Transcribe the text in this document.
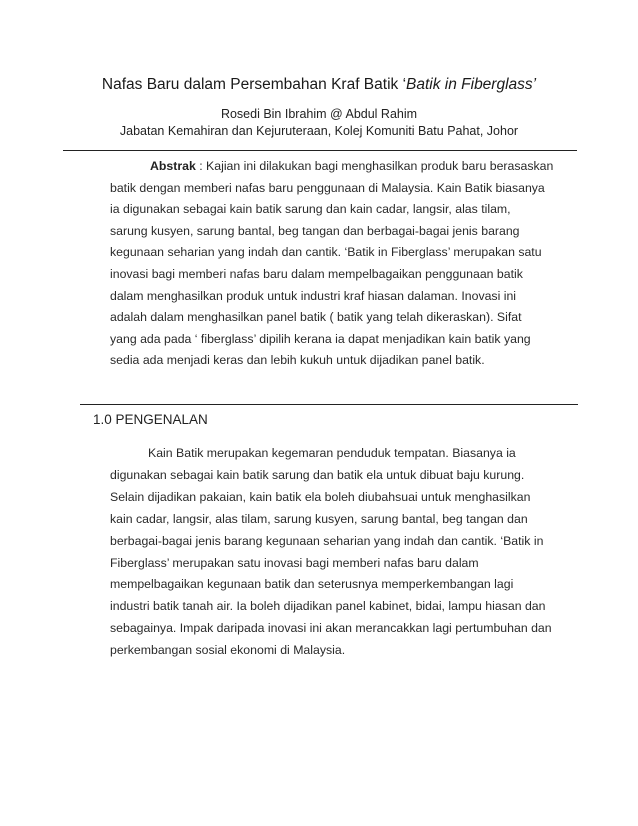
Nafas Baru dalam Persembahan Kraf Batik ‘Batik in Fiberglass’
Rosedi Bin Ibrahim @ Abdul Rahim
Jabatan Kemahiran dan Kejuruteraan, Kolej Komuniti Batu Pahat, Johor
Abstrak : Kajian ini dilakukan bagi menghasilkan produk baru berasaskan
batik dengan memberi nafas baru penggunaan di Malaysia. Kain Batik biasanya
ia digunakan sebagai kain batik sarung dan kain cadar, langsir, alas tilam,
sarung kusyen, sarung bantal, beg tangan dan berbagai-bagai jenis barang
kegunaan seharian yang indah dan cantik. ‘Batik in Fiberglass’ merupakan satu
inovasi bagi memberi nafas baru dalam mempelbagaikan penggunaan batik
dalam menghasilkan produk untuk industri kraf hiasan dalaman. Inovasi ini
adalah dalam menghasilkan panel batik ( batik yang telah dikeraskan). Sifat
yang ada pada ‘ fiberglass’ dipilih kerana ia dapat menjadikan kain batik yang
sedia ada menjadi keras dan lebih kukuh untuk dijadikan panel batik.
1.0 PENGENALAN
Kain Batik merupakan kegemaran penduduk tempatan. Biasanya ia
digunakan sebagai kain batik sarung dan batik ela untuk dibuat baju kurung.
Selain dijadikan pakaian, kain batik ela boleh diubahsuai untuk menghasilkan
kain cadar, langsir, alas tilam, sarung kusyen, sarung bantal, beg tangan dan
berbagai-bagai jenis barang kegunaan seharian yang indah dan cantik. ‘Batik in
Fiberglass’ merupakan satu inovasi bagi memberi nafas baru dalam
mempelbagaikan kegunaan batik dan seterusnya memperkembangan lagi
industri batik tanah air. Ia boleh dijadikan panel kabinet, bidai, lampu hiasan dan
sebagainya. Impak daripada inovasi ini akan merancakkan lagi pertumbuhan dan
perkembangan sosial ekonomi di Malaysia.
